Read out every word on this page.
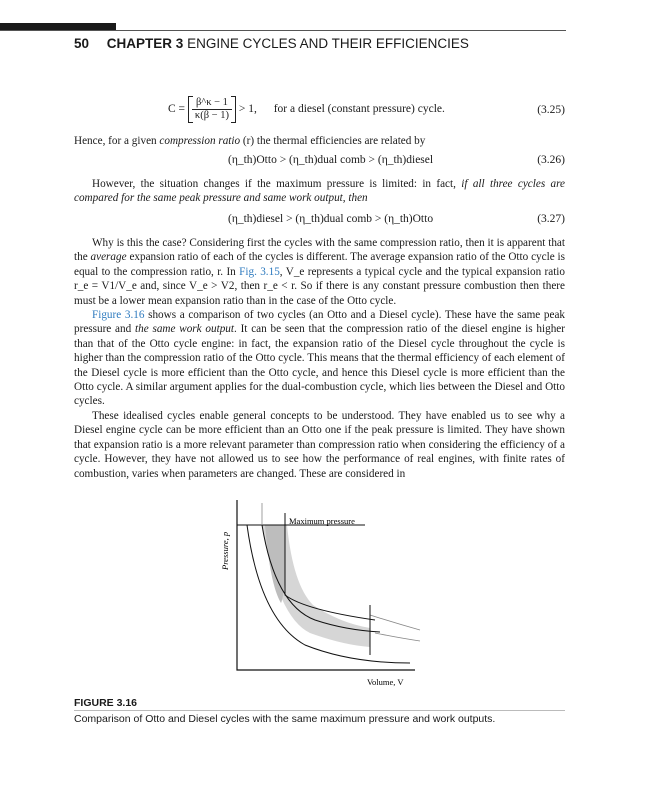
50 CHAPTER 3 ENGINE CYCLES AND THEIR EFFICIENCIES
$C = \frac{\beta\^{}\kappa - 1}{\kappa(\beta - 1)} > 1$, for a diesel (constant pressure) cycle.	(3.25)

Hence, for a given compression ratio (r) the thermal efficiencies are related by

(η_th)Otto > (η_th)dual comb > (η_th)diesel	(3.26)

However, the situation changes if the maximum pressure is limited: in fact, if all three cycles are compared for the same peak pressure and same work output, then

(η_th)diesel > (η_th)dual comb > (η_th)Otto	(3.27)

Why is this the case? Considering first the cycles with the same compression ratio, then it is apparent that the average expansion ratio of each of the cycles is different. The average expansion ratio of the Otto cycle is equal to the compression ratio, r. In Fig. 3.15, V_e represents a typical cycle and the typical expansion ratio r_e = V1/V_e and, since V_e > V2, then r_e < r. So if there is any constant pressure combustion then there must be a lower mean expansion ratio than in the case of the Otto cycle.

Figure 3.16 shows a comparison of two cycles (an Otto and a Diesel cycle). These have the same peak pressure and the same work output. It can be seen that the compression ratio of the diesel engine is higher than that of the Otto cycle engine: in fact, the expansion ratio of the Diesel cycle throughout the cycle is higher than the compression ratio of the Otto cycle. This means that the thermal efficiency of each element of the Diesel cycle is more efficient than the Otto cycle, and hence this Diesel cycle is more efficient than the Otto cycle. A similar argument applies for the dual-combustion cycle, which lies between the Diesel and Otto cycles.

These idealised cycles enable general concepts to be understood. They have enabled us to see why a Diesel engine cycle can be more efficient than an Otto one if the peak pressure is limited. They have shown that expansion ratio is a more relevant parameter than compression ratio when considering the efficiency of a cycle. However, they have not allowed us to see how the performance of real engines, with finite rates of combustion, varies when parameters are changed. These are considered in

Maximum pressure
Pressure, p
Volume, V
FIGURE 3.16
Comparison of Otto and Diesel cycles with the same maximum pressure and work outputs.
